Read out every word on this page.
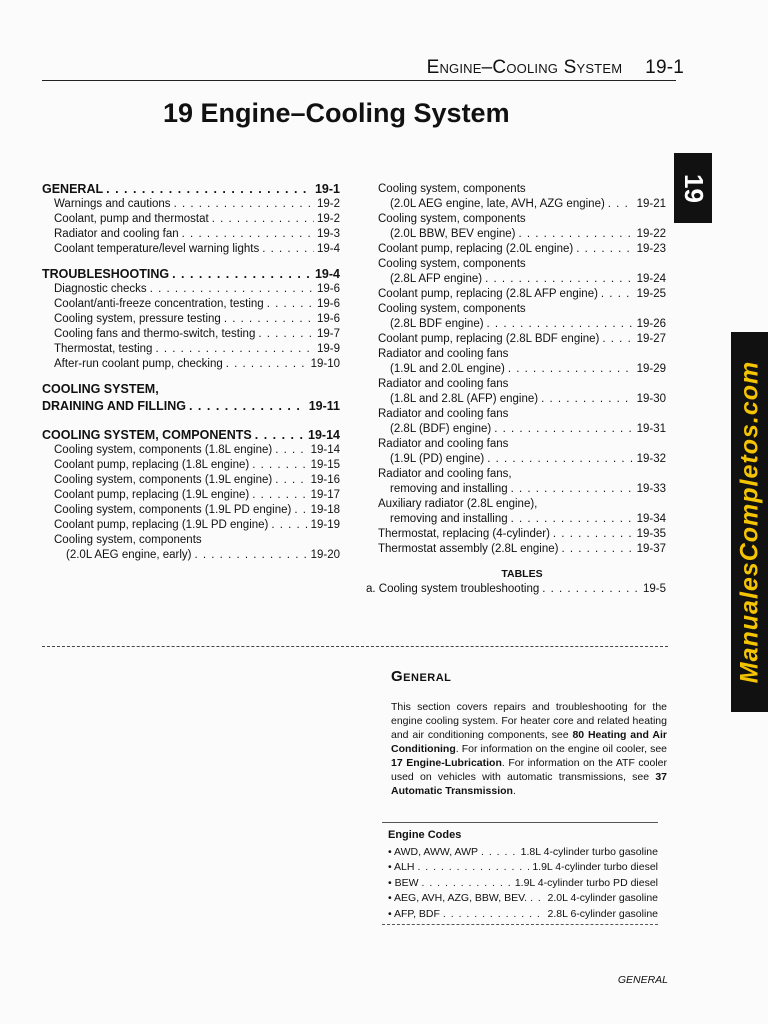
Engine–Cooling System 19-1
19 Engine–Cooling System
19
ManualesCompletos.com
GENERAL . . .	19-1
Warnings and cautions . . .	19-2
Coolant, pump and thermostat . . .	19-2
Radiator and cooling fan . . .	19-3
Coolant temperature/level warning lights . . .	19-4
TROUBLESHOOTING . . .	19-4
Diagnostic checks . . .	19-6
Coolant/anti-freeze concentration, testing . . .	19-6
Cooling system, pressure testing . . .	19-6
Cooling fans and thermo-switch, testing . . .	19-7
Thermostat, testing . . .	19-9
After-run coolant pump, checking . . .	19-10
COOLING SYSTEM,
DRAINING AND FILLING . . .	19-11
COOLING SYSTEM, COMPONENTS . . .	19-14
Cooling system, components (1.8L engine) . . .	19-14
Coolant pump, replacing (1.8L engine) . . .	19-15
Cooling system, components (1.9L engine) . . .	19-16
Coolant pump, replacing (1.9L engine) . . .	19-17
Cooling system, components (1.9L PD engine) . . . 19-18
Coolant pump, replacing (1.9L PD engine) . . .	19-19
Cooling system, components
(2.0L AEG engine, early) . . .	19-20
Cooling system, components
(2.0L AEG engine, late, AVH, AZG engine) . . .	19-21
Cooling system, components
(2.0L BBW, BEV engine) . . .	19-22
Coolant pump, replacing (2.0L engine) . . .	19-23
Cooling system, components
(2.8L AFP engine) . . .	19-24
Coolant pump, replacing (2.8L AFP engine) . . .	19-25
Cooling system, components
(2.8L BDF engine) . . .	19-26
Coolant pump, replacing (2.8L BDF engine) . . .	19-27
Radiator and cooling fans
(1.9L and 2.0L engine) . . .	19-29
Radiator and cooling fans
(1.8L and 2.8L (AFP) engine) . . .	19-30
Radiator and cooling fans
(2.8L (BDF) engine) . . .	19-31
Radiator and cooling fans
(1.9L (PD) engine) . . .	19-32
Radiator and cooling fans,
removing and installing . . .	19-33
Auxiliary radiator (2.8L engine),
removing and installing . . .	19-34
Thermostat, replacing (4-cylinder) . . .	19-35
Thermostat assembly (2.8L engine) . . .	19-37
TABLES
a. Cooling system troubleshooting . . .	19-5
General

This section covers repairs and troubleshooting for the engine cooling system. For heater core and related heating and air conditioning components, see 80 Heating and Air Conditioning. For information on the engine oil cooler, see 17 Engine-Lubrication. For information on the ATF cooler used on vehicles with automatic transmissions, see 37 Automatic Transmission.

Engine Codes
• AWD, AWW, AWP . . .	1.8L 4-cylinder turbo gasoline
• ALH . . .	1.9L 4-cylinder turbo diesel
• BEW . . .	1.9L 4-cylinder turbo PD diesel
• AEG, AVH, AZG, BBW, BEV. . . . 2.0L 4-cylinder gasoline
• AFP, BDF . . .	2.8L 6-cylinder gasoline
GENERAL
